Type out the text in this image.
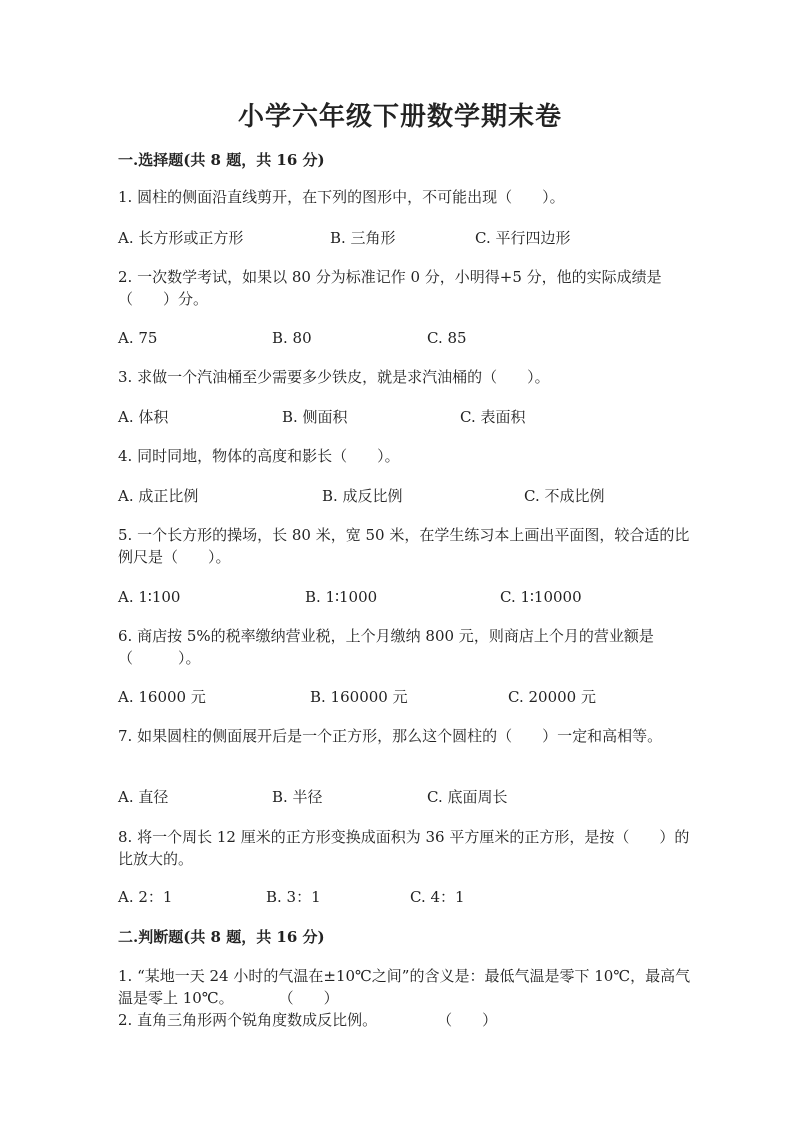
小学六年级下册数学期末卷
一.选择题(共 8 题，共 16 分)
1. 圆柱的侧面沿直线剪开，在下列的图形中，不可能出现（　　）。
A. 长方形或正方形	B. 三角形	C. 平行四边形
2. 一次数学考试，如果以 80 分为标准记作 0 分，小明得+5 分，他的实际成绩是（　　）分。
A. 75	B. 80	C. 85
3. 求做一个汽油桶至少需要多少铁皮，就是求汽油桶的（　　）。
A. 体积	B. 侧面积	C. 表面积
4. 同时同地，物体的高度和影长（　　）。
A. 成正比例	B. 成反比例	C. 不成比例
5. 一个长方形的操场，长 80 米，宽 50 米，在学生练习本上画出平面图，较合适的比例尺是（　　）。
A. 1∶100	B. 1∶1000	C. 1∶10000
6. 商店按 5%的税率缴纳营业税，上个月缴纳 800 元，则商店上个月的营业额是（　　　）。
A. 16000 元	B. 160000 元	C. 20000 元
7. 如果圆柱的侧面展开后是一个正方形，那么这个圆柱的（　　）一定和高相等。
A. 直径	B. 半径	C. 底面周长
8. 将一个周长 12 厘米的正方形变换成面积为 36 平方厘米的正方形，是按（　　）的比放大的。
A. 2：1	B. 3：1	C. 4：1
二.判断题(共 8 题，共 16 分)
1. “某地一天 24 小时的气温在±10℃之间”的含义是：最低气温是零下 10℃，最高气温是零上 10℃。　　　　（　　）
2. 直角三角形两个锐角度数成反比例。　　　　　（　　）
